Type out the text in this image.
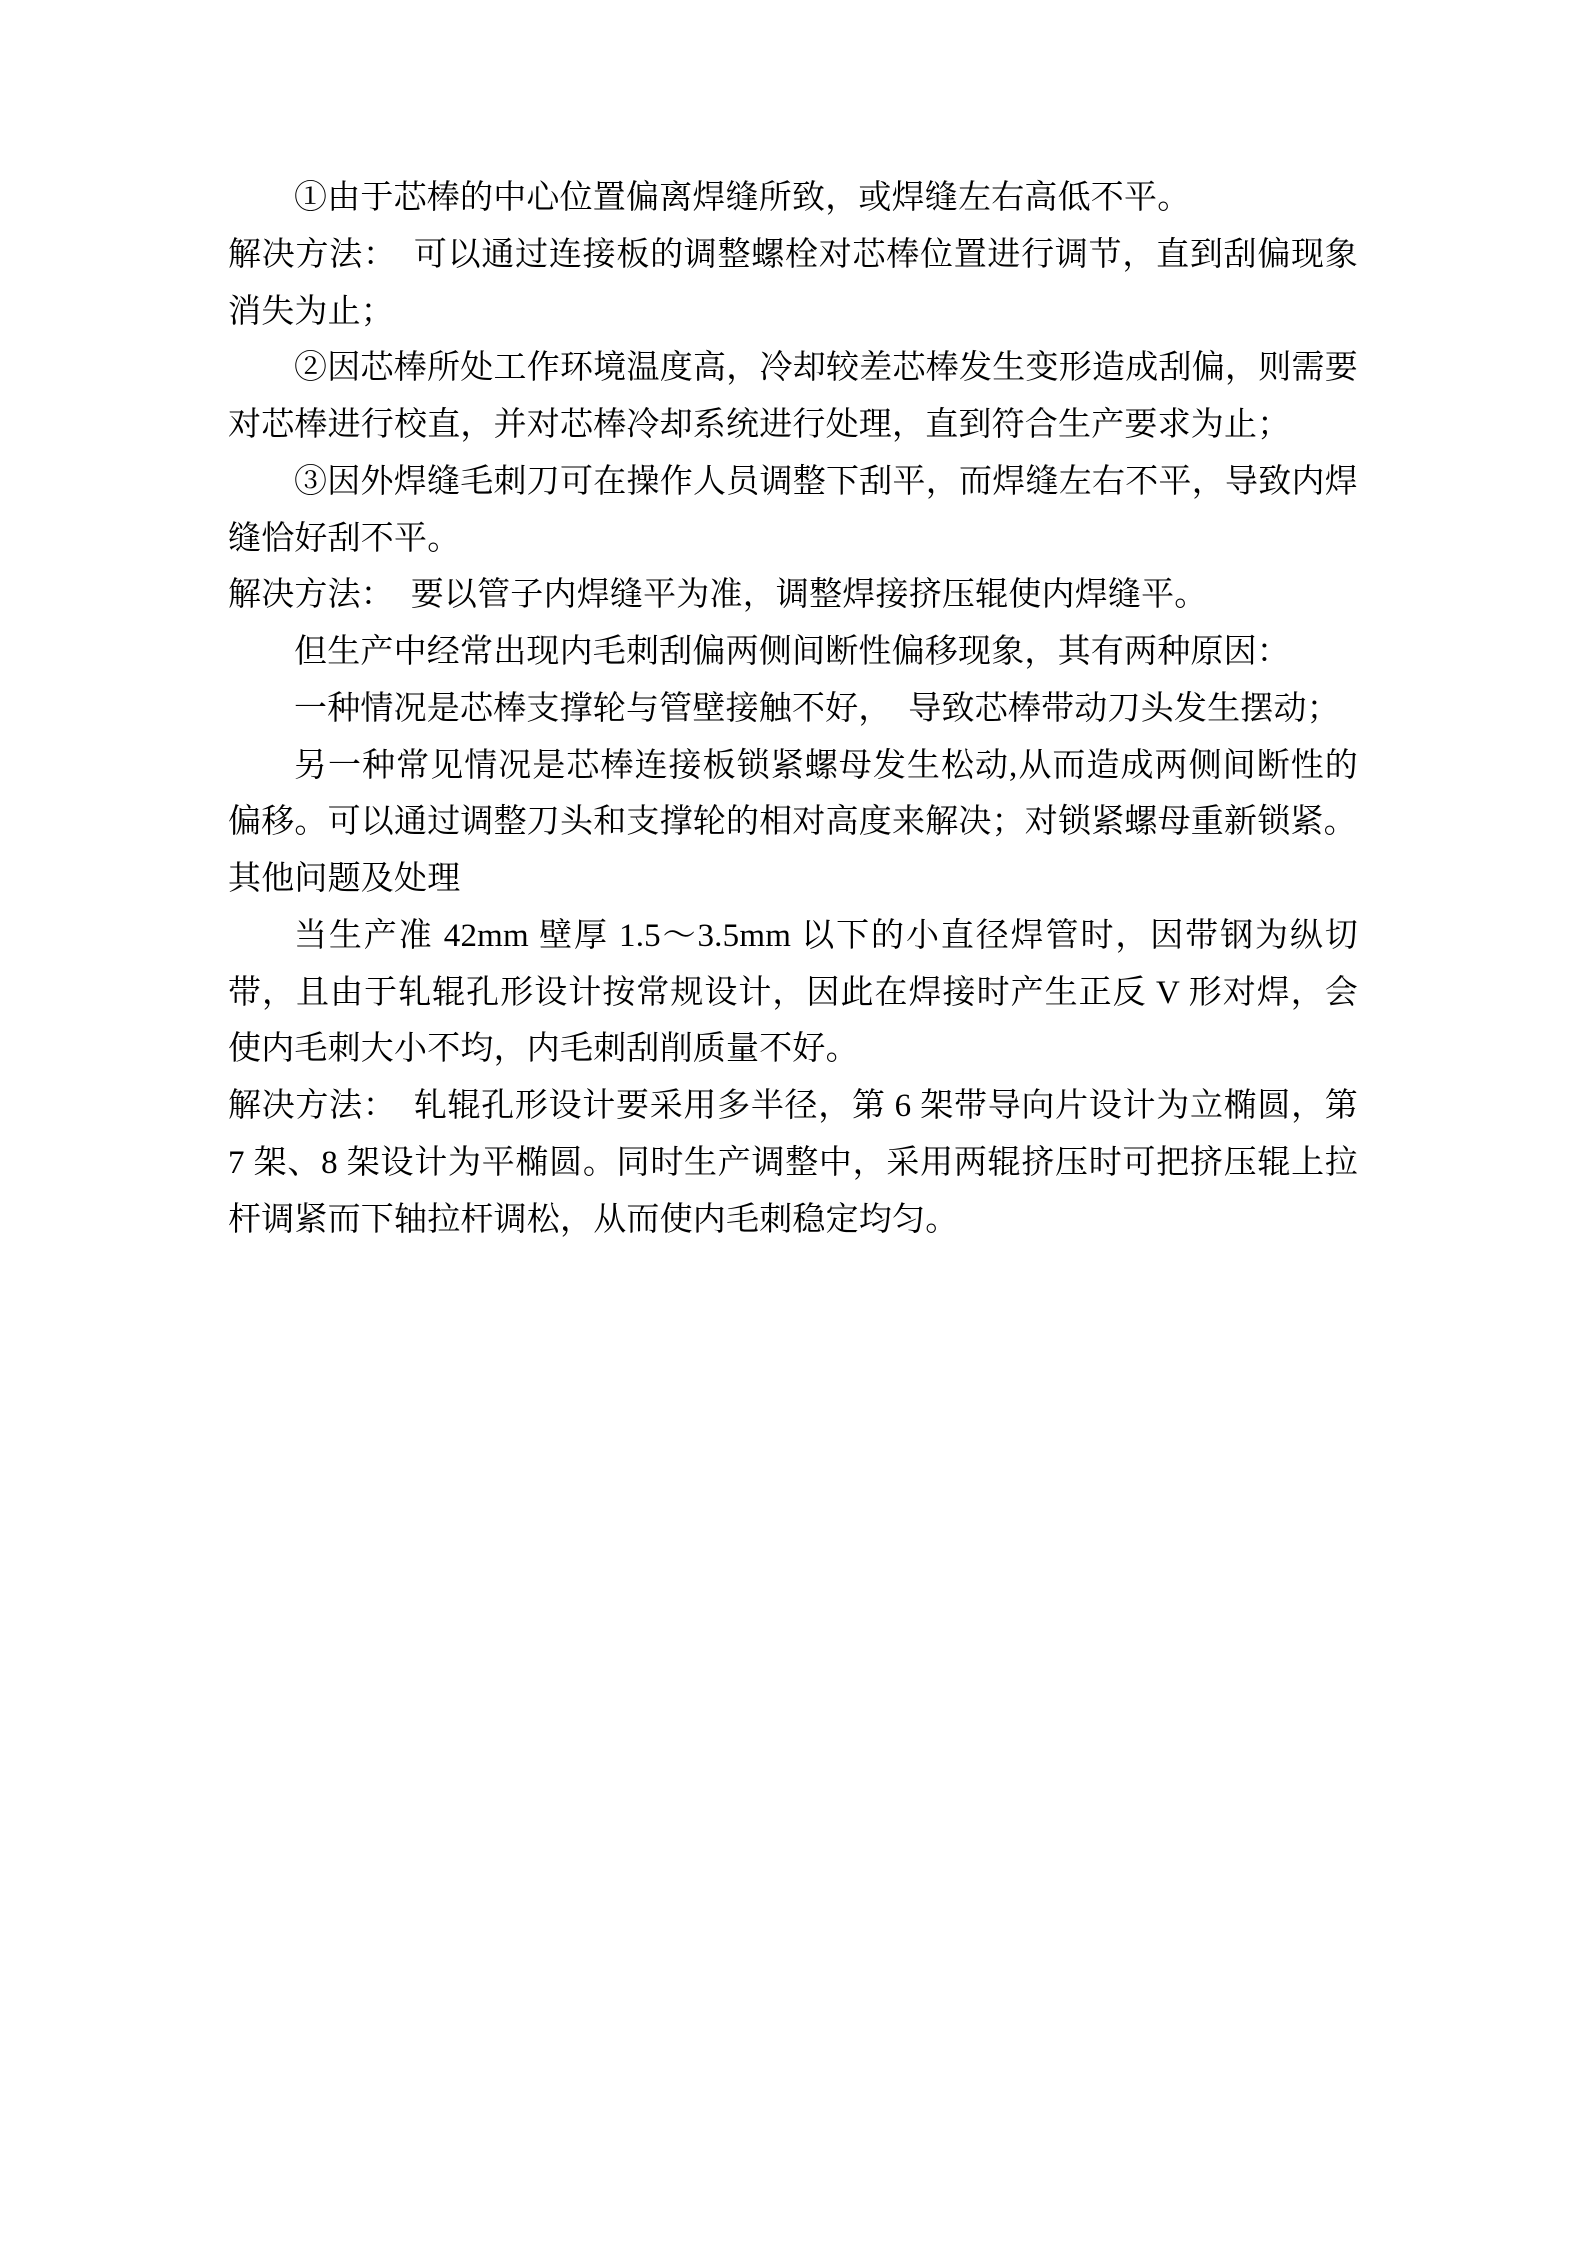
①由于芯棒的中心位置偏离焊缝所致，或焊缝左右高低不平。

解决方法：　可以通过连接板的调整螺栓对芯棒位置进行调节，直到刮偏现象消失为止；

②因芯棒所处工作环境温度高，冷却较差芯棒发生变形造成刮偏，则需要对芯棒进行校直，并对芯棒冷却系统进行处理，直到符合生产要求为止；

③因外焊缝毛刺刀可在操作人员调整下刮平，而焊缝左右不平，导致内焊缝恰好刮不平。

解决方法：　要以管子内焊缝平为准，调整焊接挤压辊使内焊缝平。

但生产中经常出现内毛刺刮偏两侧间断性偏移现象，其有两种原因：

一种情况是芯棒支撑轮与管壁接触不好，　导致芯棒带动刀头发生摆动；

另一种常见情况是芯棒连接板锁紧螺母发生松动,从而造成两侧间断性的偏移。可以通过调整刀头和支撑轮的相对高度来解决；对锁紧螺母重新锁紧。

其他问题及处理

当生产准 42mm 壁厚 1.5～3.5mm 以下的小直径焊管时，因带钢为纵切带，且由于轧辊孔形设计按常规设计，因此在焊接时产生正反 V 形对焊，会使内毛刺大小不均，内毛刺刮削质量不好。

解决方法：　轧辊孔形设计要采用多半径，第 6 架带导向片设计为立椭圆，第 7 架、8 架设计为平椭圆。同时生产调整中，采用两辊挤压时可把挤压辊上拉杆调紧而下轴拉杆调松，从而使内毛刺稳定均匀。
